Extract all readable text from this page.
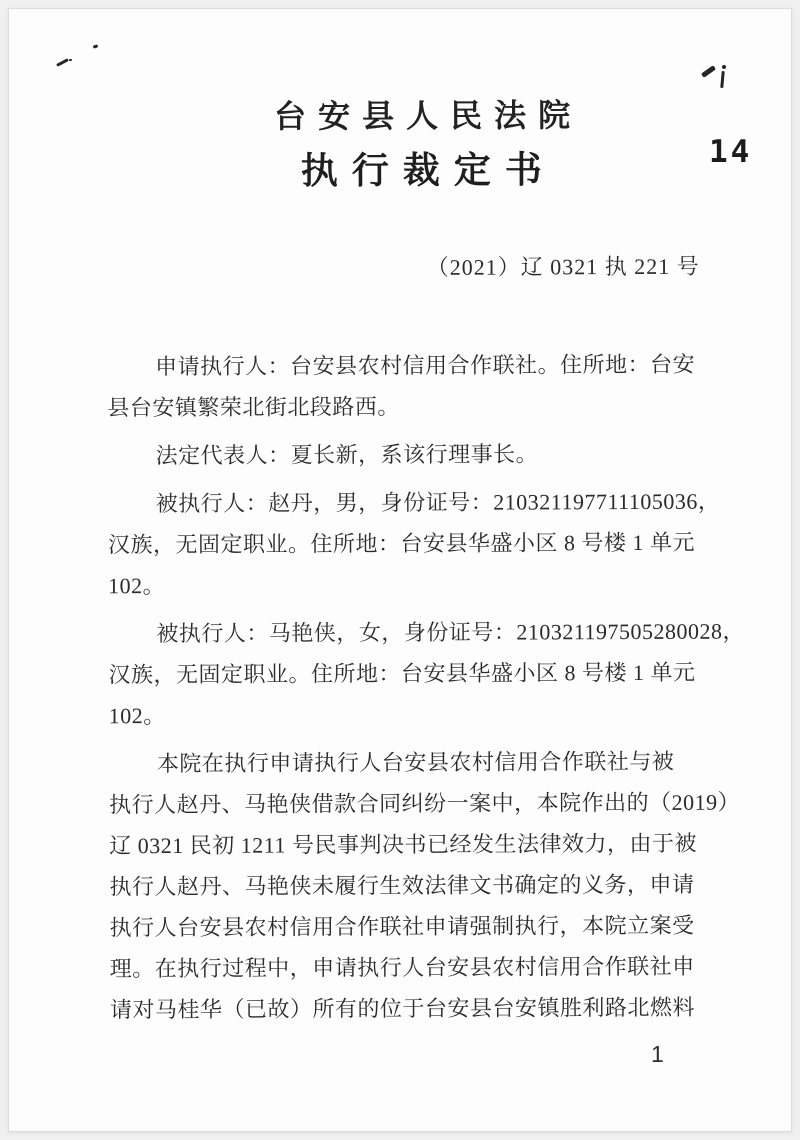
14
台安县人民法院
执行裁定书
（2021）辽 0321 执 221 号
申请执行人：台安县农村信用合作联社。住所地：台安
县台安镇繁荣北街北段路西。
法定代表人：夏长新，系该行理事长。
被执行人：赵丹，男，身份证号：210321197711105036，
汉族，无固定职业。住所地：台安县华盛小区 8 号楼 1 单元
102。
被执行人：马艳侠，女，身份证号：210321197505280028，
汉族，无固定职业。住所地：台安县华盛小区 8 号楼 1 单元
102。
本院在执行申请执行人台安县农村信用合作联社与被
执行人赵丹、马艳侠借款合同纠纷一案中，本院作出的（2019）
辽 0321 民初 1211 号民事判决书已经发生法律效力，由于被
执行人赵丹、马艳侠未履行生效法律文书确定的义务，申请
执行人台安县农村信用合作联社申请强制执行，本院立案受
理。在执行过程中，申请执行人台安县农村信用合作联社申
请对马桂华（已故）所有的位于台安县台安镇胜利路北燃料
1
